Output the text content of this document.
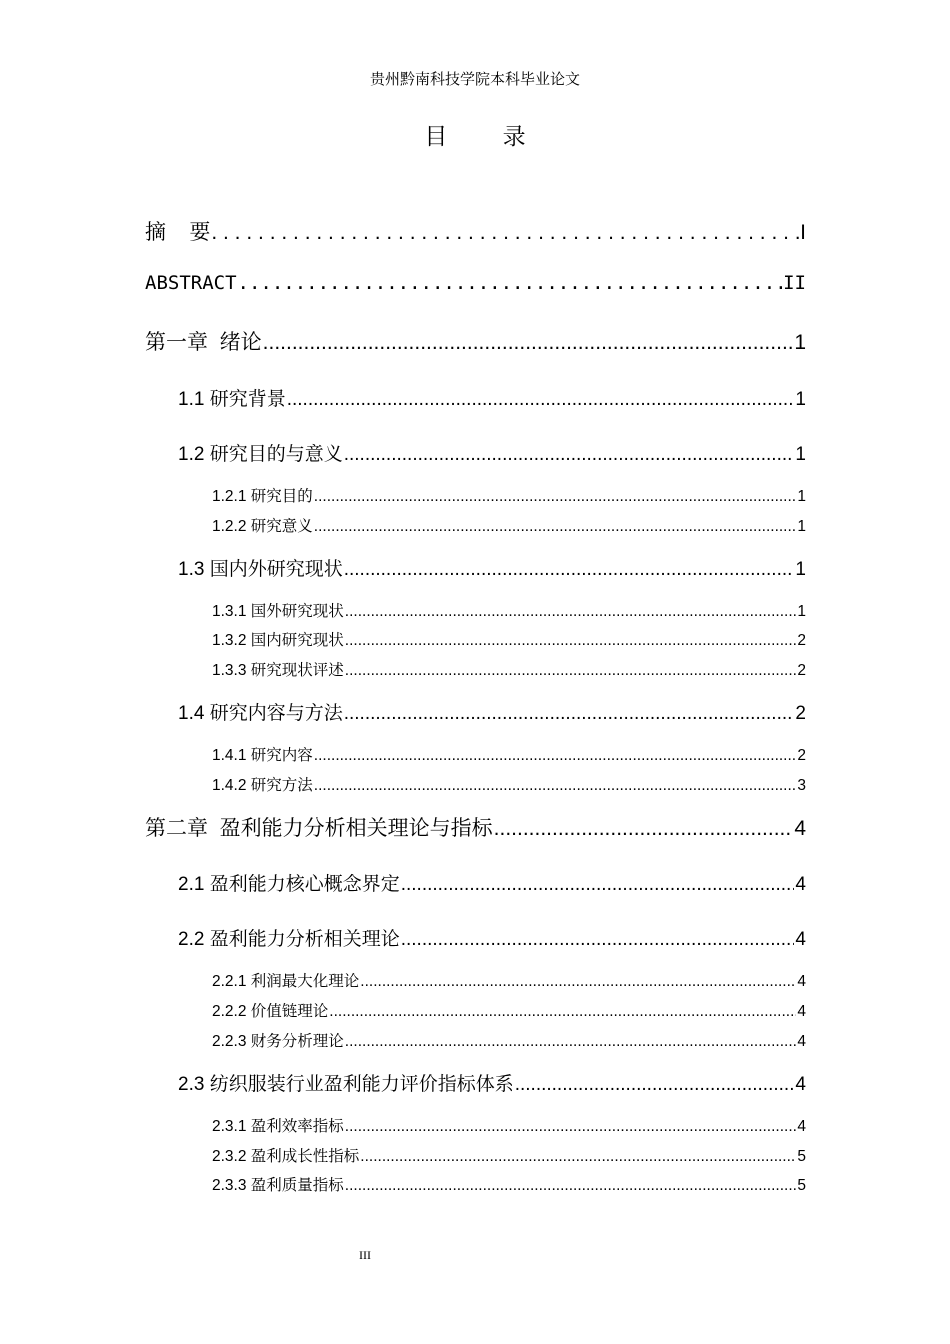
贵州黔南科技学院本科毕业论文
目 录
摘    要 . . .	I
ABSTRACT .....	II
第一章  绪论 .....	1
1.1 研究背景 .....	1
1.2 研究目的与意义 .....	1
1.2.1 研究目的 .....	1
1.2.2 研究意义 .....	1
1.3 国内外研究现状 .....	1
1.3.1 国外研究现状 .....	1
1.3.2 国内研究现状 .....	2
1.3.3 研究现状评述 .....	2
1.4 研究内容与方法 .....	2
1.4.1 研究内容 .....	2
1.4.2 研究方法 .....	3
第二章  盈利能力分析相关理论与指标 .....	4
2.1 盈利能力核心概念界定 .....	4
2.2 盈利能力分析相关理论 .....	4
2.2.1 利润最大化理论 .....	4
2.2.2 价值链理论 .....	4
2.2.3 财务分析理论 .....	4
2.3 纺织服装行业盈利能力评价指标体系 .....	4
2.3.1 盈利效率指标 .....	4
2.3.2 盈利成长性指标 .....	5
2.3.3 盈利质量指标 .....	5
III
